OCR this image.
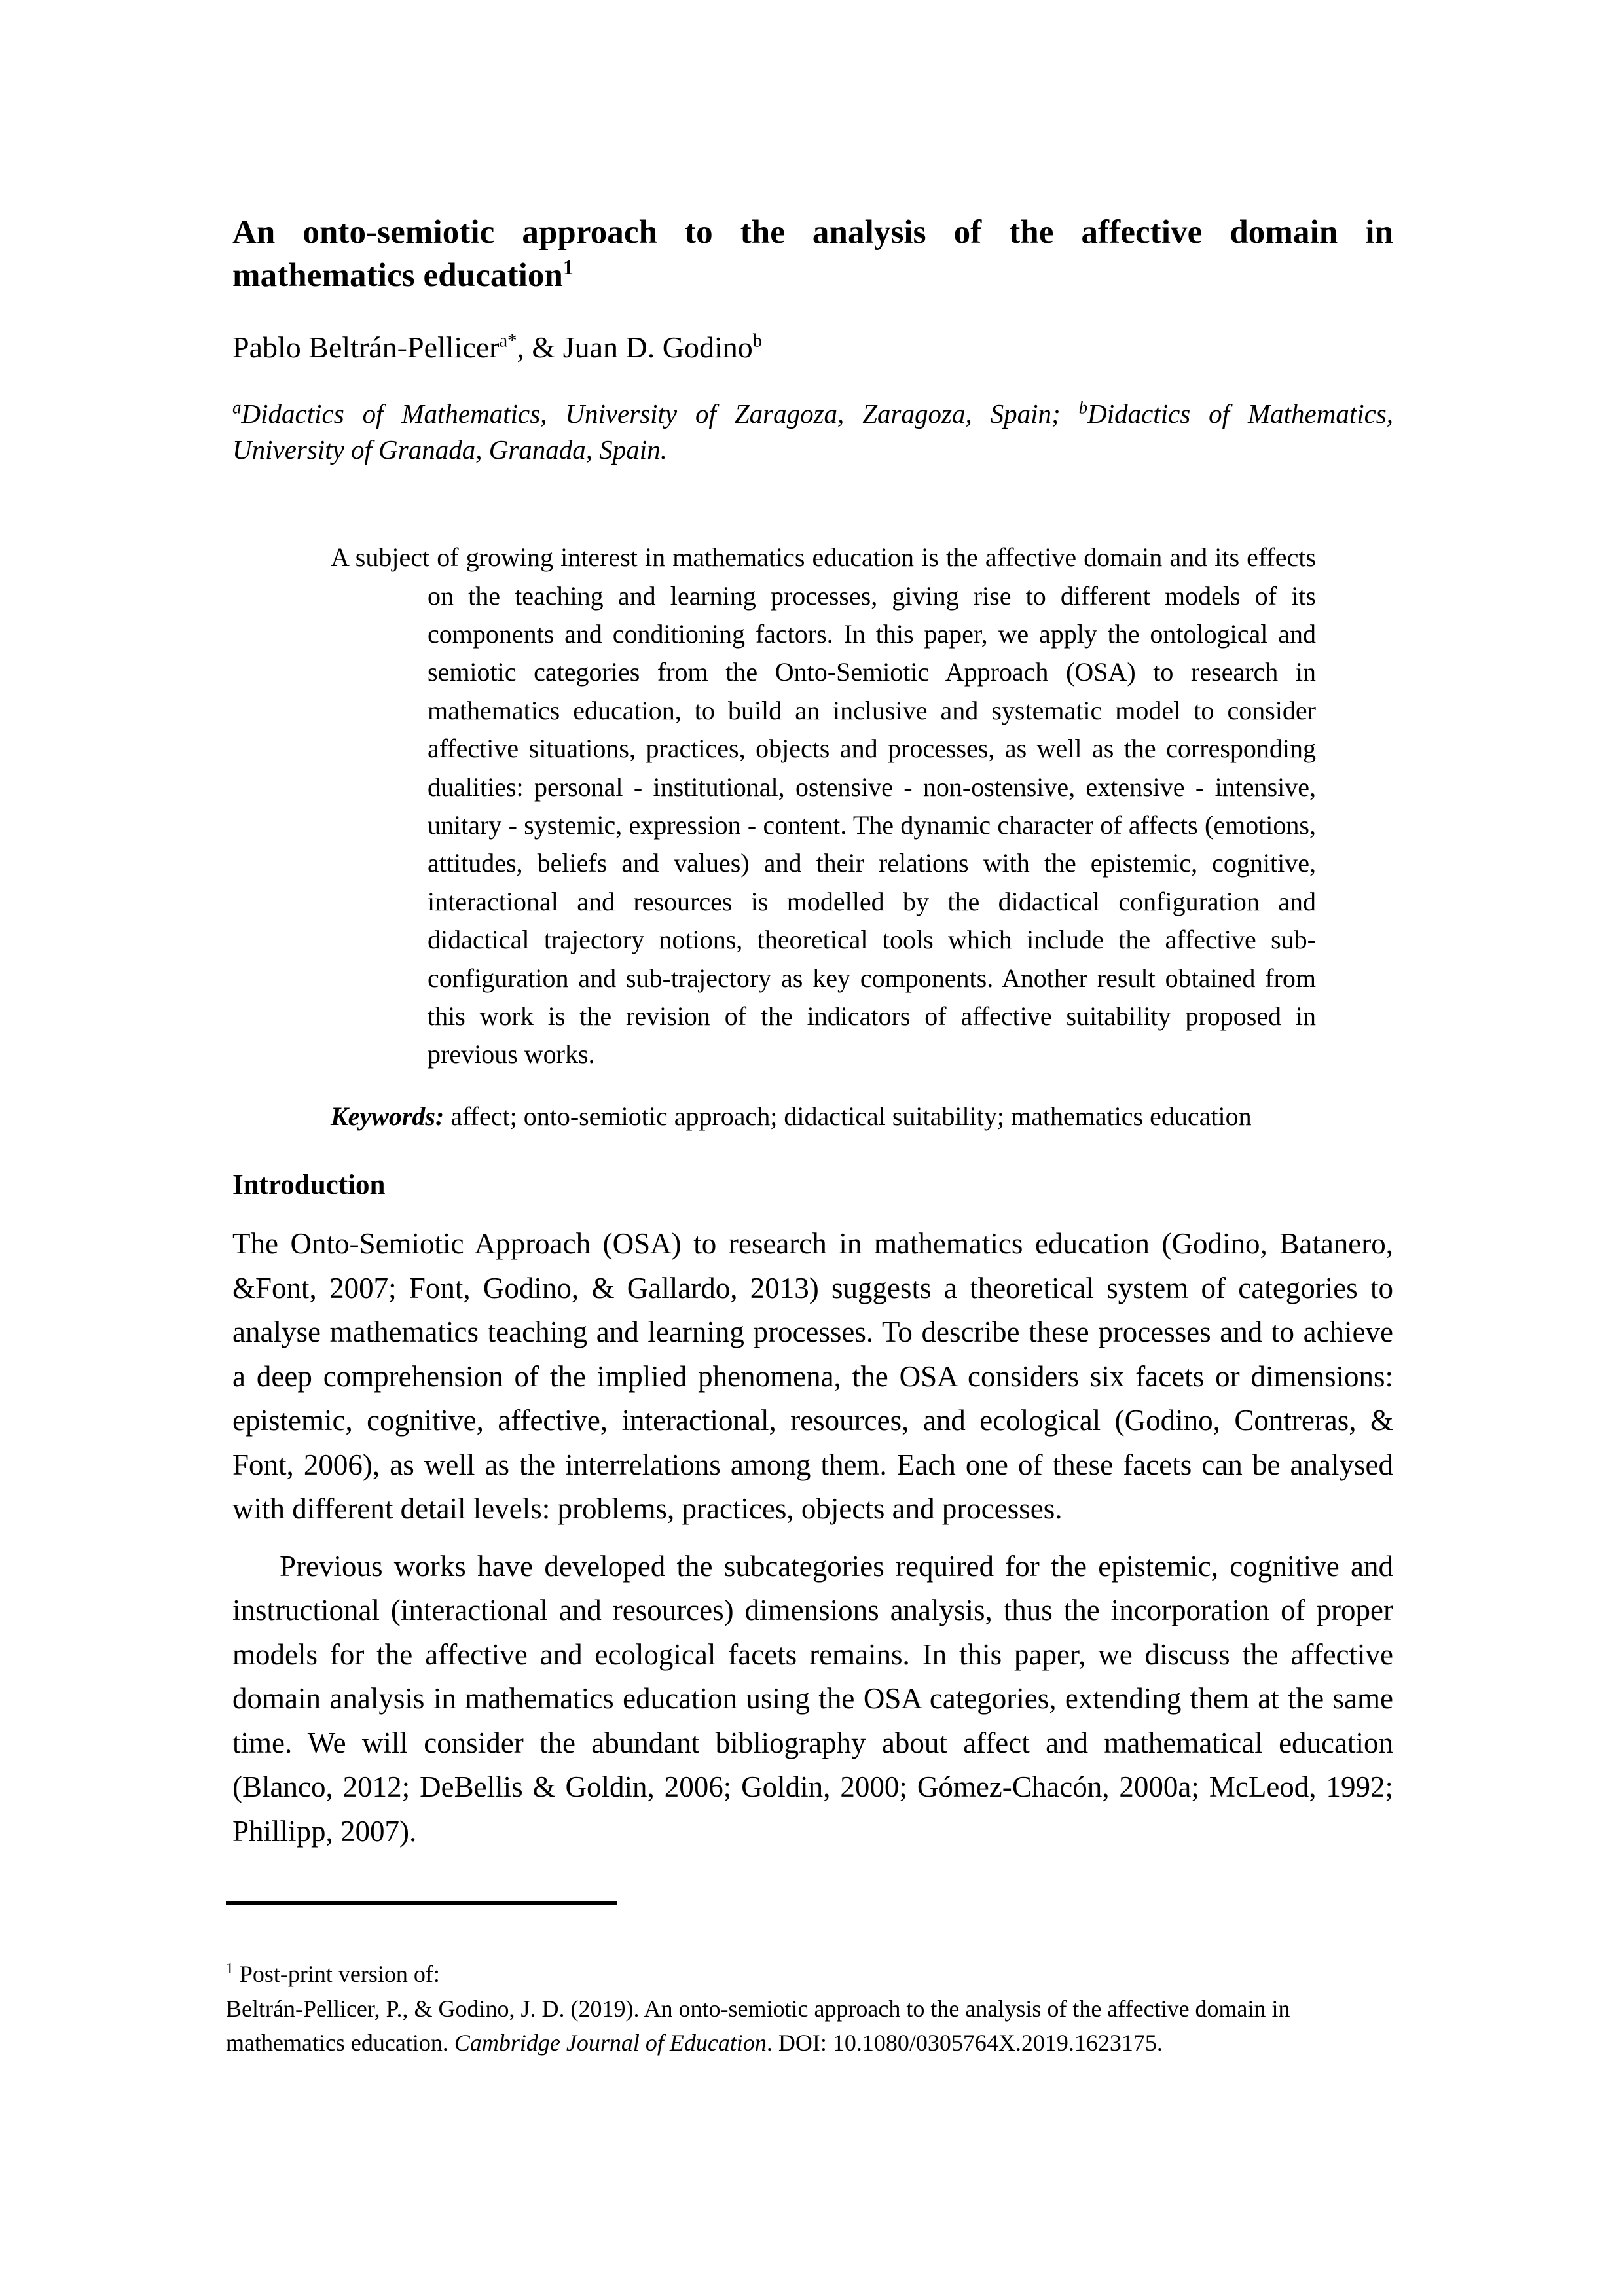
An onto-semiotic approach to the analysis of the affective domain in mathematics education$^1$

Pablo Beltrán-Pellicer$^{a*}$, & Juan D. Godino$^b$

$^a$Didactics of Mathematics, University of Zaragoza, Zaragoza, Spain; $^b$Didactics of Mathematics, University of Granada, Granada, Spain.

A subject of growing interest in mathematics education is the affective domain and its effects on the teaching and learning processes, giving rise to different models of its components and conditioning factors. In this paper, we apply the ontological and semiotic categories from the Onto-Semiotic Approach (OSA) to research in mathematics education, to build an inclusive and systematic model to consider affective situations, practices, objects and processes, as well as the corresponding dualities: personal - institutional, ostensive - non-ostensive, extensive - intensive, unitary - systemic, expression - content. The dynamic character of affects (emotions, attitudes, beliefs and values) and their relations with the epistemic, cognitive, interactional and resources is modelled by the didactical configuration and didactical trajectory notions, theoretical tools which include the affective sub-configuration and sub-trajectory as key components. Another result obtained from this work is the revision of the indicators of affective suitability proposed in previous works.

Keywords: affect; onto-semiotic approach; didactical suitability; mathematics education

Introduction

The Onto-Semiotic Approach (OSA) to research in mathematics education (Godino, Batanero, &Font, 2007; Font, Godino, & Gallardo, 2013) suggests a theoretical system of categories to analyse mathematics teaching and learning processes. To describe these processes and to achieve a deep comprehension of the implied phenomena, the OSA considers six facets or dimensions: epistemic, cognitive, affective, interactional, resources, and ecological (Godino, Contreras, & Font, 2006), as well as the interrelations among them. Each one of these facets can be analysed with different detail levels: problems, practices, objects and processes.

Previous works have developed the subcategories required for the epistemic, cognitive and instructional (interactional and resources) dimensions analysis, thus the incorporation of proper models for the affective and ecological facets remains. In this paper, we discuss the affective domain analysis in mathematics education using the OSA categories, extending them at the same time. We will consider the abundant bibliography about affect and mathematical education (Blanco, 2012; DeBellis & Goldin, 2006; Goldin, 2000; Gómez-Chacón, 2000a; McLeod, 1992; Phillipp, 2007).

$^1$ Post-print version of:
Beltrán-Pellicer, P., & Godino, J. D. (2019). An onto-semiotic approach to the analysis of the affective domain in mathematics education. Cambridge Journal of Education. DOI: 10.1080/0305764X.2019.1623175.
